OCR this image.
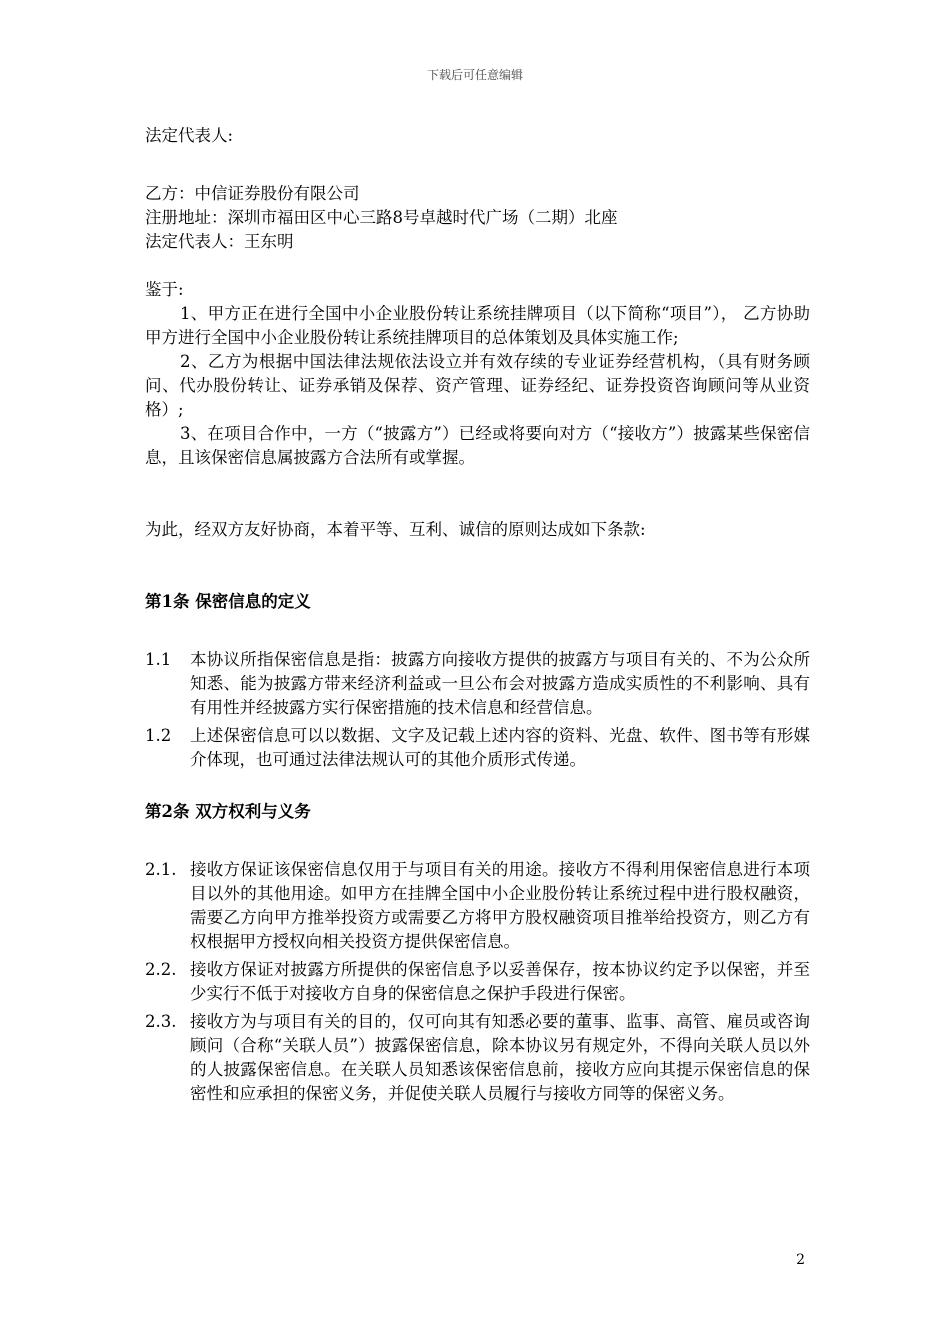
下载后可任意编辑

法定代表人:

乙方：中信证券股份有限公司

注册地址：深圳市福田区中心三路8号卓越时代广场（二期）北座

法定代表人：王东明

鉴于:

1、甲方正在进行全国中小企业股份转让系统挂牌项目（以下简称“项目”）， 乙方协助甲方进行全国中小企业股份转让系统挂牌项目的总体策划及具体实施工作;

2、乙方为根据中国法律法规依法设立并有效存续的专业证券经营机构，（具有财务顾问、代办股份转让、证券承销及保荐、资产管理、证券经纪、证券投资咨询顾问等从业资格）;

3、在项目合作中，一方（“披露方”）已经或将要向对方（“接收方”）披露某些保密信息，且该保密信息属披露方合法所有或掌握。

为此，经双方友好协商，本着平等、互利、诚信的原则达成如下条款:

第1条 保密信息的定义

1.1	本协议所指保密信息是指：披露方向接收方提供的披露方与项目有关的、不为公众所知悉、能为披露方带来经济利益或一旦公布会对披露方造成实质性的不利影响、具有有用性并经披露方实行保密措施的技术信息和经营信息。
1.2	上述保密信息可以以数据、文字及记载上述内容的资料、光盘、软件、图书等有形媒介体现，也可通过法律法规认可的其他介质形式传递。

第2条 双方权利与义务

2.1. 接收方保证该保密信息仅用于与项目有关的用途。接收方不得利用保密信息进行本项目以外的其他用途。如甲方在挂牌全国中小企业股份转让系统过程中进行股权融资，需要乙方向甲方推举投资方或需要乙方将甲方股权融资项目推举给投资方，则乙方有权根据甲方授权向相关投资方提供保密信息。
2.2. 接收方保证对披露方所提供的保密信息予以妥善保存，按本协议约定予以保密，并至少实行不低于对接收方自身的保密信息之保护手段进行保密。
2.3. 接收方为与项目有关的目的，仅可向其有知悉必要的董事、监事、高管、雇员或咨询顾问（合称“关联人员”）披露保密信息，除本协议另有规定外，不得向关联人员以外的人披露保密信息。在关联人员知悉该保密信息前，接收方应向其提示保密信息的保密性和应承担的保密义务，并促使关联人员履行与接收方同等的保密义务。
2
